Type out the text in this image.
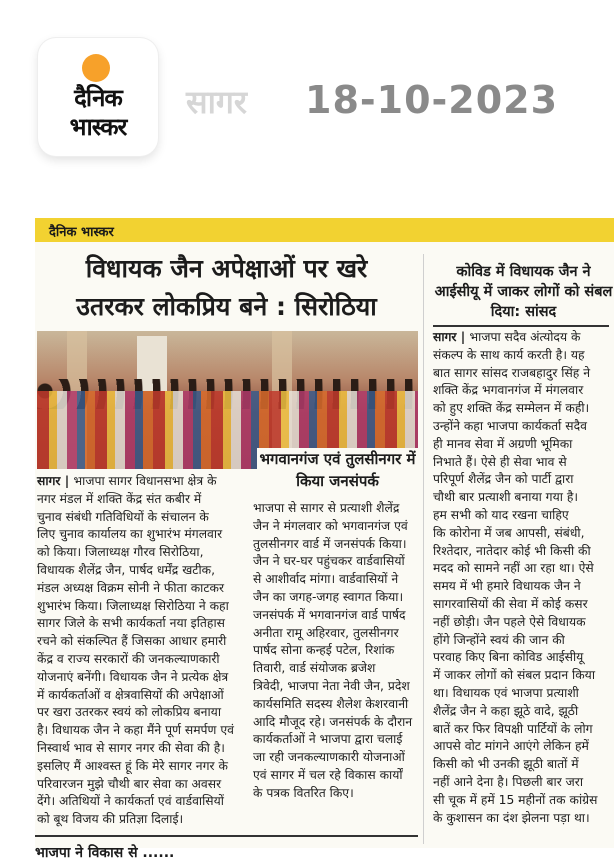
दैनिक
भास्कर
सागर 18-10-2023
दैनिक भास्कर
विधायक जैन अपेक्षाओं पर खरे
उतरकर लोकप्रिय बने : सिरोठिया
सागर | भाजपा सागर विधानसभा क्षेत्र के
नगर मंडल में शक्ति केंद्र संत कबीर में
चुनाव संबंधी गतिविधियों के संचालन के
लिए चुनाव कार्यालय का शुभारंभ मंगलवार
को किया। जिलाध्यक्ष गौरव सिरोठिया,
विधायक शैलेंद्र जैन, पार्षद धर्मेंद्र खटीक,
मंडल अध्यक्ष विक्रम सोनी ने फीता काटकर
शुभारंभ किया। जिलाध्यक्ष सिरोठिया ने कहा
सागर जिले के सभी कार्यकर्ता नया इतिहास
रचने को संकल्पित हैं जिसका आधार हमारी
केंद्र व राज्य सरकारों की जनकल्याणकारी
योजनाएं बनेंगी। विधायक जैन ने प्रत्येक क्षेत्र
में कार्यकर्ताओं व क्षेत्रवासियों की अपेक्षाओं
पर खरा उतरकर स्वयं को लोकप्रिय बनाया
है। विधायक जैन ने कहा मैंने पूर्ण समर्पण एवं
निस्वार्थ भाव से सागर नगर की सेवा की है।
इसलिए मैं आश्वस्त हूं कि मेरे सागर नगर के
परिवारजन मुझे चौथी बार सेवा का अवसर
देंगे। अतिथियों ने कार्यकर्ता एवं वार्डवासियों
को बूथ विजय की प्रतिज्ञा दिलाई।
भगवानगंज एवं तुलसीनगर में किया जनसंपर्क
भाजपा से सागर से प्रत्याशी शैलेंद्र
जैन ने मंगलवार को भगवानगंज एवं
तुलसीनगर वार्ड में जनसंपर्क किया।
जैन ने घर-घर पहुंचकर वार्डवासियों
से आशीर्वाद मांगा। वार्डवासियों ने
जैन का जगह-जगह स्वागत किया।
जनसंपर्क में भगवानगंज वार्ड पार्षद
अनीता रामू अहिरवार, तुलसीनगर
पार्षद सोना कन्हई पटेल, रिशांक
तिवारी, वार्ड संयोजक ब्रजेश
त्रिवेदी, भाजपा नेता नेवी जैन, प्रदेश
कार्यसमिति सदस्य शैलेश केशरवानी
आदि मौजूद रहे। जनसंपर्क के दौरान
कार्यकर्ताओं ने भाजपा द्वारा चलाई
जा रही जनकल्याणकारी योजनाओं
एवं सागर में चल रहे विकास कार्यों
के पत्रक वितरित किए।
कोविड में विधायक जैन ने आईसीयू में जाकर लोगों को संबल दिया: सांसद
सागर | भाजपा सदैव अंत्योदय के
संकल्प के साथ कार्य करती है। यह
बात सागर सांसद राजबहादुर सिंह ने
शक्ति केंद्र भगवानगंज में मंगलवार
को हुए शक्ति केंद्र सम्मेलन में कही।
उन्होंने कहा भाजपा कार्यकर्ता सदैव
ही मानव सेवा में अग्रणी भूमिका
निभाते हैं। ऐसे ही सेवा भाव से
परिपूर्ण शैलेंद्र जैन को पार्टी द्वारा
चौथी बार प्रत्याशी बनाया गया है।
हम सभी को याद रखना चाहिए
कि कोरोना में जब आपसी, संबंधी,
रिश्तेदार, नातेदार कोई भी किसी की
मदद को सामने नहीं आ रहा था। ऐसे
समय में भी हमारे विधायक जैन ने
सागरवासियों की सेवा में कोई कसर
नहीं छोड़ी। जैन पहले ऐसे विधायक
होंगे जिन्होंने स्वयं की जान की
परवाह किए बिना कोविड आईसीयू
में जाकर लोगों को संबल प्रदान किया
था। विधायक एवं भाजपा प्रत्याशी
शैलेंद्र जैन ने कहा झूठे वादे, झूठी
बातें कर फिर विपक्षी पार्टियों के लोग
आपसे वोट मांगने आएंगे लेकिन हमें
किसी को भी उनकी झूठी बातों में
नहीं आने देना है। पिछली बार जरा
सी चूक में हमें 15 महीनों तक कांग्रेस
के कुशासन का दंश झेलना पड़ा था।
भाजपा ने विकास से ......
